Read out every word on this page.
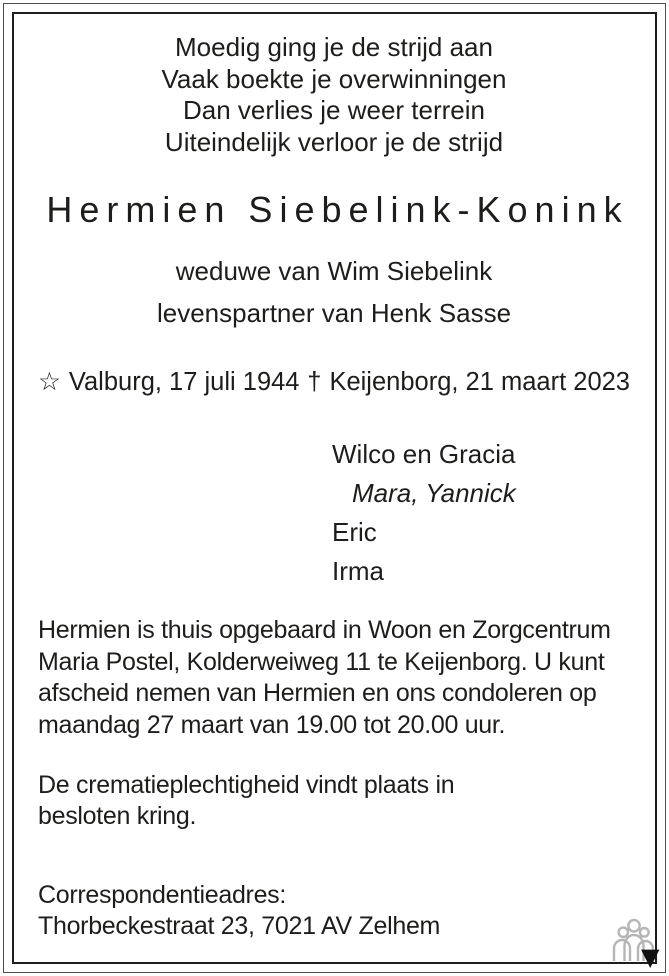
Moedig ging je de strijd aan
Vaak boekte je overwinningen
Dan verlies je weer terrein
Uiteindelijk verloor je de strijd
Hermien Siebelink-Konink
weduwe van Wim Siebelink
levenspartner van Henk Sasse
☆ Valburg, 17 juli 1944 † Keijenborg, 21 maart 2023
Wilco en Gracia
Mara, Yannick
Eric
Irma
Hermien is thuis opgebaard in Woon en Zorgcentrum
Maria Postel, Kolderweiweg 11 te Keijenborg. U kunt
afscheid nemen van Hermien en ons condoleren op
maandag 27 maart van 19.00 tot 20.00 uur.
De crematieplechtigheid vindt plaats in
besloten kring.
Correspondentieadres:
Thorbeckestraat 23, 7021 AV Zelhem
▼
